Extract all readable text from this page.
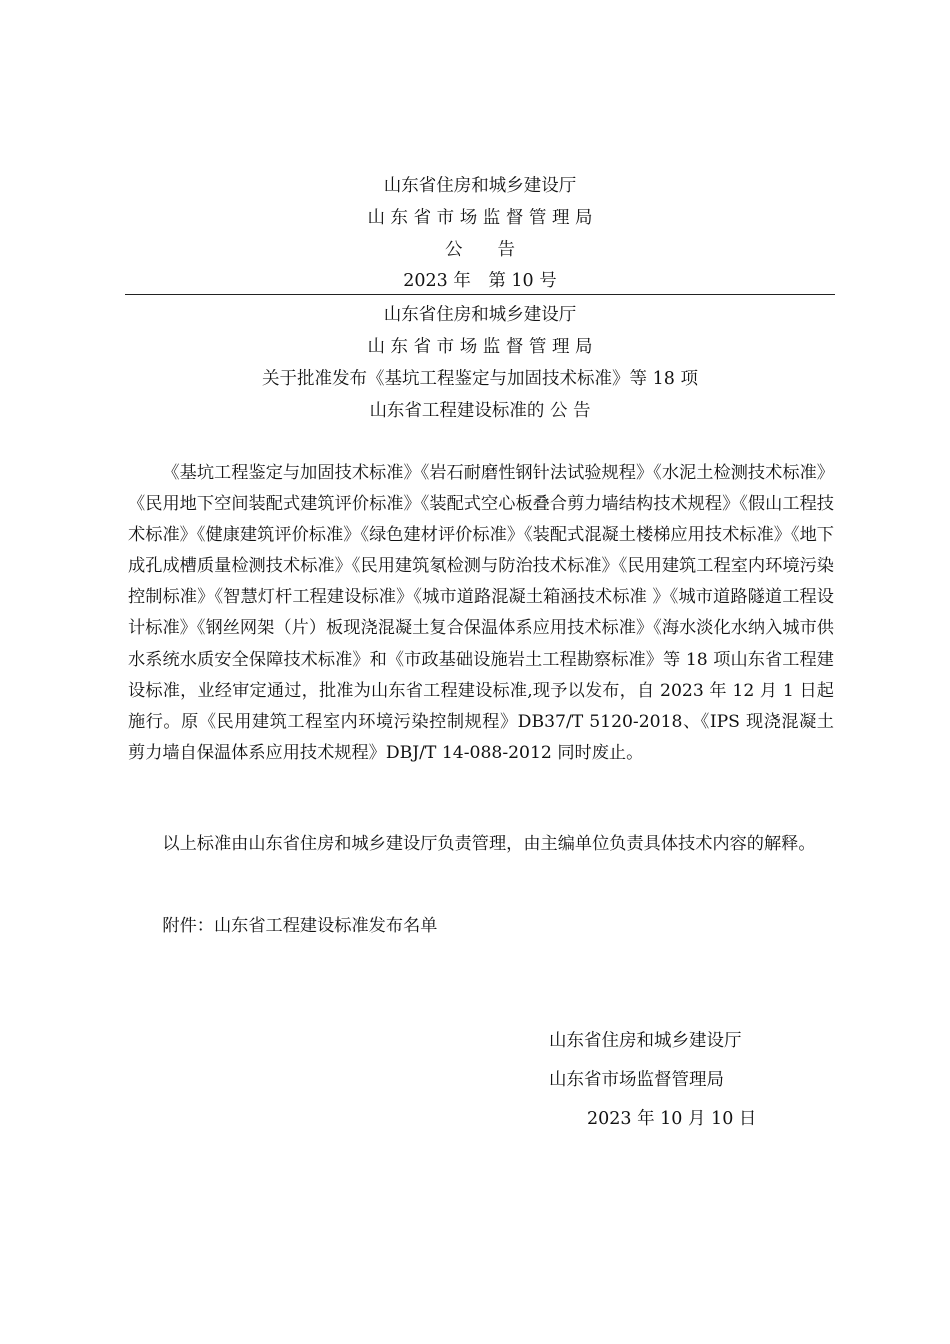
山东省住房和城乡建设厅
山 东 省 市 场 监 督 管 理 局
公　　告
2023 年　第 10 号
山东省住房和城乡建设厅
山 东 省 市 场 监 督 管 理 局
关于批准发布《基坑工程鉴定与加固技术标准》等 18 项
山东省工程建设标准的 公 告
《基坑工程鉴定与加固技术标准》《岩石耐磨性钢针法试验规程》《水泥土检测技术标准》《民用地下空间装配式建筑评价标准》《装配式空心板叠合剪力墙结构技术规程》《假山工程技术标准》《健康建筑评价标准》《绿色建材评价标准》《装配式混凝土楼梯应用技术标准》《地下成孔成槽质量检测技术标准》《民用建筑氡检测与防治技术标准》《民用建筑工程室内环境污染控制标准》《智慧灯杆工程建设标准》《城市道路混凝土箱涵技术标准 》《城市道路隧道工程设计标准》《钢丝网架（片）板现浇混凝土复合保温体系应用技术标准》《海水淡化水纳入城市供水系统水质安全保障技术标准》和《市政基础设施岩土工程勘察标准》等 18 项山东省工程建设标准，业经审定通过，批准为山东省工程建设标准,现予以发布，自 2023 年 12 月 1 日起施行。原《民用建筑工程室内环境污染控制规程》DB37/T 5120-2018、《IPS 现浇混凝土剪力墙自保温体系应用技术规程》DBJ/T 14-088-2012 同时废止。
以上标准由山东省住房和城乡建设厅负责管理，由主编单位负责具体技术内容的解释。
附件：山东省工程建设标准发布名单
山东省住房和城乡建设厅
山东省市场监督管理局
2023 年 10 月 10 日
